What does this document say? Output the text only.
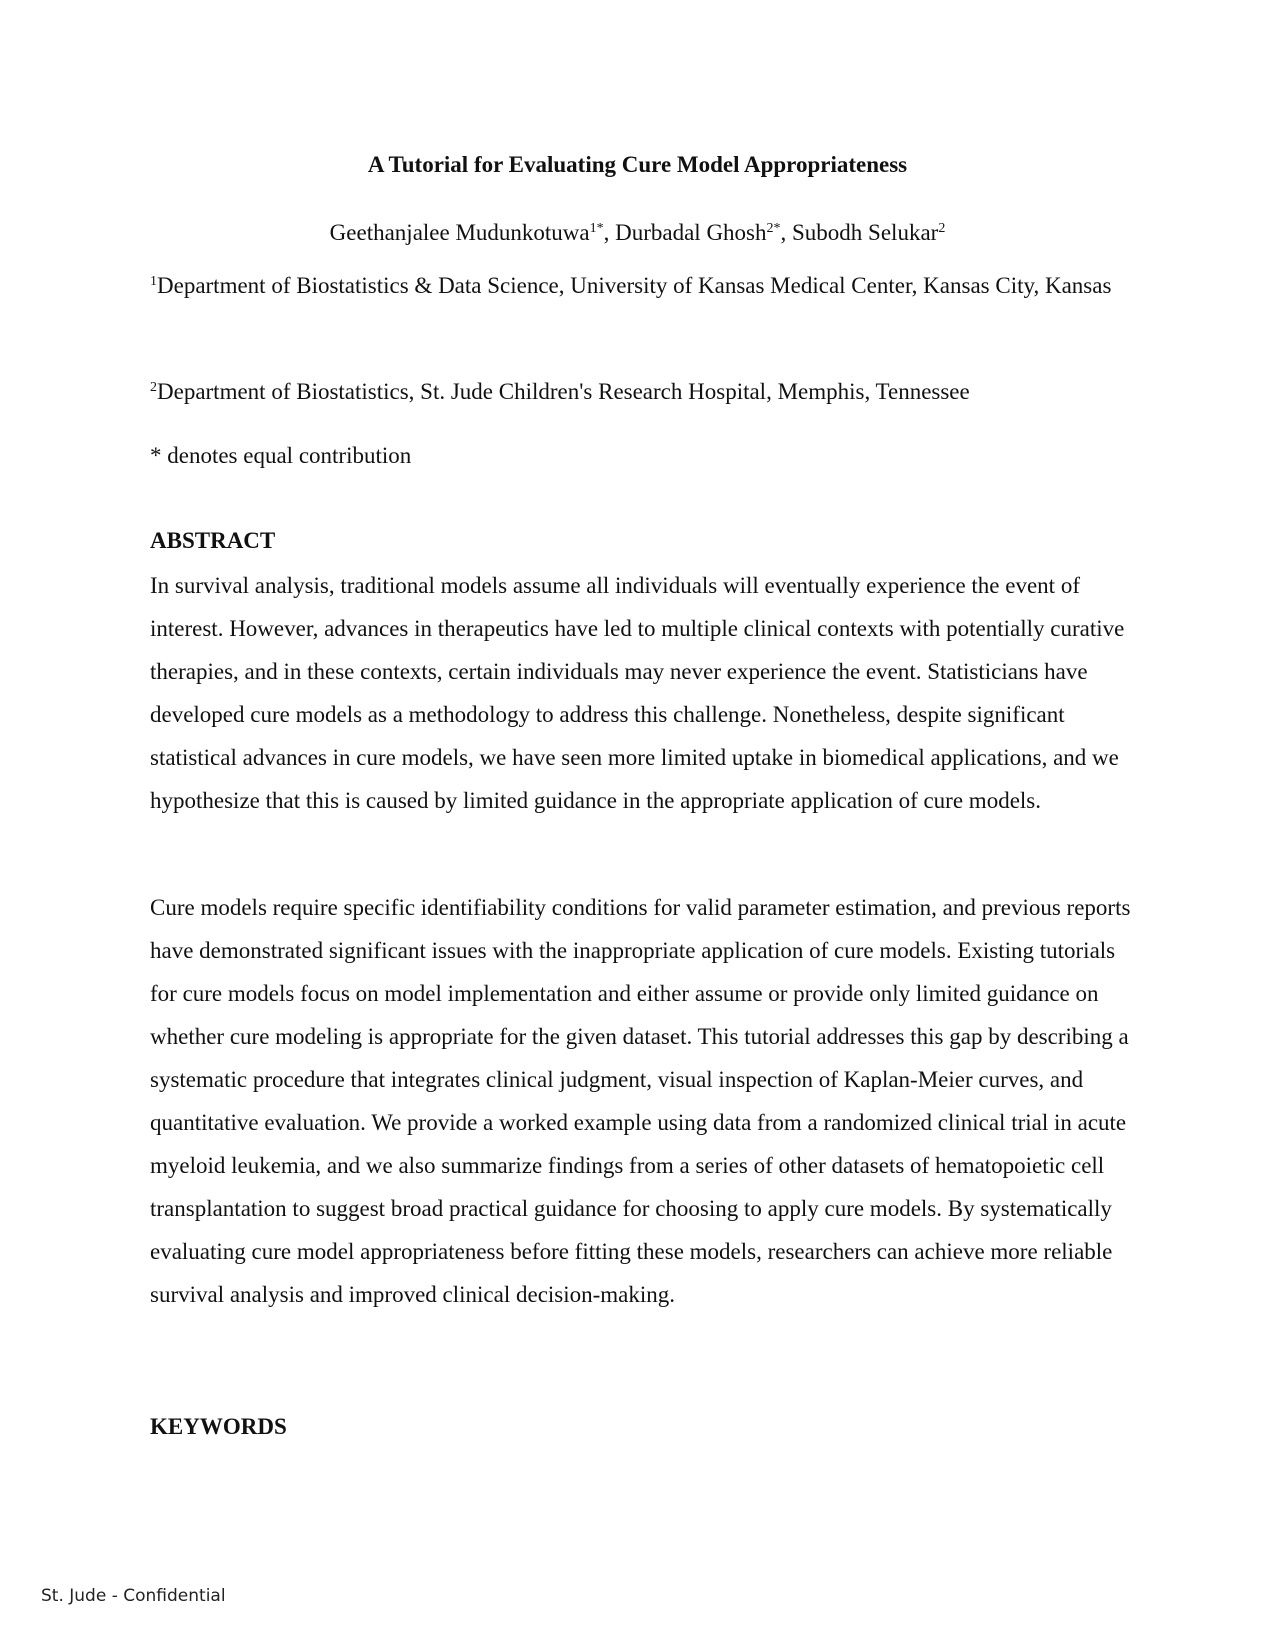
A Tutorial for Evaluating Cure Model Appropriateness
Geethanjalee Mudunkotuwa$^{1*}$, Durbadal Ghosh$^{2*}$, Subodh Selukar$^2$
$^1$Department of Biostatistics & Data Science, University of Kansas Medical Center, Kansas City, Kansas
$^2$Department of Biostatistics, St. Jude Children's Research Hospital, Memphis, Tennessee
* denotes equal contribution
ABSTRACT
In survival analysis, traditional models assume all individuals will eventually experience the event of interest. However, advances in therapeutics have led to multiple clinical contexts with potentially curative therapies, and in these contexts, certain individuals may never experience the event. Statisticians have developed cure models as a methodology to address this challenge. Nonetheless, despite significant statistical advances in cure models, we have seen more limited uptake in biomedical applications, and we hypothesize that this is caused by limited guidance in the appropriate application of cure models.
Cure models require specific identifiability conditions for valid parameter estimation, and previous reports have demonstrated significant issues with the inappropriate application of cure models. Existing tutorials for cure models focus on model implementation and either assume or provide only limited guidance on whether cure modeling is appropriate for the given dataset. This tutorial addresses this gap by describing a systematic procedure that integrates clinical judgment, visual inspection of Kaplan-Meier curves, and quantitative evaluation. We provide a worked example using data from a randomized clinical trial in acute myeloid leukemia, and we also summarize findings from a series of other datasets of hematopoietic cell transplantation to suggest broad practical guidance for choosing to apply cure models. By systematically evaluating cure model appropriateness before fitting these models, researchers can achieve more reliable survival analysis and improved clinical decision-making.
KEYWORDS
St. Jude - Confidential
